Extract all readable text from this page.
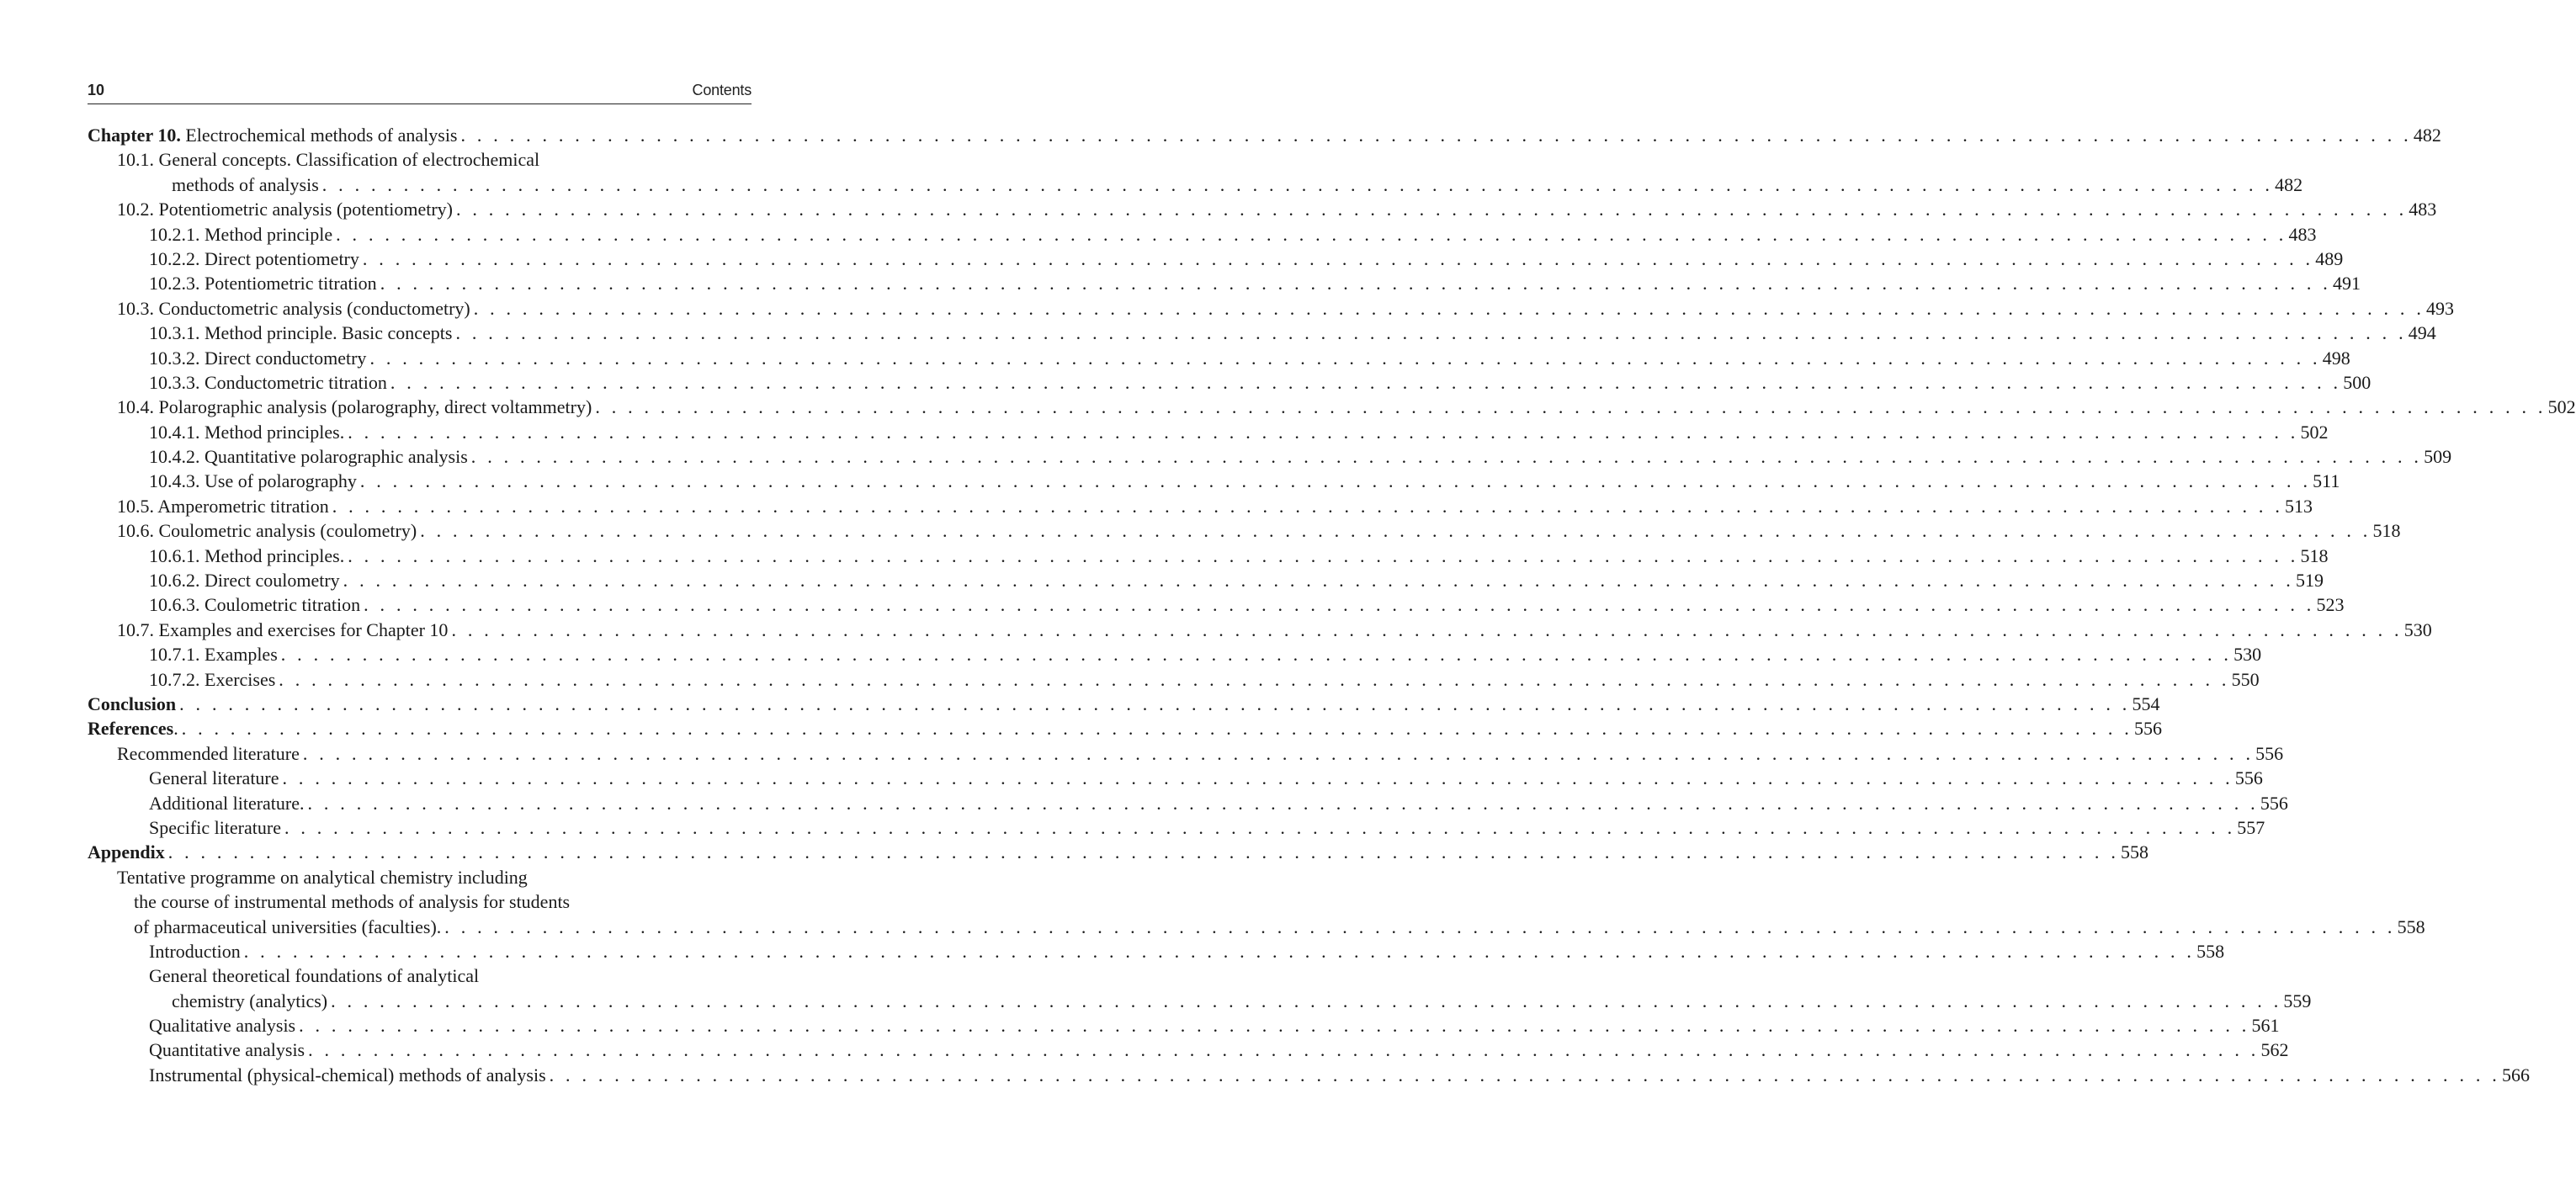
10	Contents
Chapter 10. Electrochemical methods of analysis . . . . . . . . . . . . . . . . . . . . . . . . . . . . . . . . . . . . . . . . . . . . . . . . . . . . . . . . . . . . . . . . . . . . . . . . . . . . . . . . . . . . . . . . . . . . . . . . . . . . . . . . . . . . . . . . . . . . . . . . 482
10.1. General concepts. Classification of electrochemical
methods of analysis . . . . . . . . . . . . . . . . . . . . . . . . . . . . . . . . . . . . . . . . . . . . . . . . . . . . . . . . . . . . . . . . . . . . . . . . . . . . . . . . . . . . . . . . . . . . . . . . . . . . . . . . . . . . . . . . . . . . . . . . 482
10.2. Potentiometric analysis (potentiometry) . . . . . . . . . . . . . . . . . . . . . . . . . . . . . . . . . . . . . . . . . . . . . . . . . . . . . . . . . . . . . . . . . . . . . . . . . . . . . . . . . . . . . . . . . . . . . . . . . . . . . . . . . . . . . . . . . . . . . . . . 483
10.2.1. Method principle . . . . . . . . . . . . . . . . . . . . . . . . . . . . . . . . . . . . . . . . . . . . . . . . . . . . . . . . . . . . . . . . . . . . . . . . . . . . . . . . . . . . . . . . . . . . . . . . . . . . . . . . . . . . . . . . . . . . . . . . 483
10.2.2. Direct potentiometry . . . . . . . . . . . . . . . . . . . . . . . . . . . . . . . . . . . . . . . . . . . . . . . . . . . . . . . . . . . . . . . . . . . . . . . . . . . . . . . . . . . . . . . . . . . . . . . . . . . . . . . . . . . . . . . . . . . . . . . . 489
10.2.3. Potentiometric titration . . . . . . . . . . . . . . . . . . . . . . . . . . . . . . . . . . . . . . . . . . . . . . . . . . . . . . . . . . . . . . . . . . . . . . . . . . . . . . . . . . . . . . . . . . . . . . . . . . . . . . . . . . . . . . . . . . . . . . . . 491
10.3. Conductometric analysis (conductometry) . . . . . . . . . . . . . . . . . . . . . . . . . . . . . . . . . . . . . . . . . . . . . . . . . . . . . . . . . . . . . . . . . . . . . . . . . . . . . . . . . . . . . . . . . . . . . . . . . . . . . . . . . . . . . . . . . . . . . . . . 493
10.3.1. Method principle. Basic concepts . . . . . . . . . . . . . . . . . . . . . . . . . . . . . . . . . . . . . . . . . . . . . . . . . . . . . . . . . . . . . . . . . . . . . . . . . . . . . . . . . . . . . . . . . . . . . . . . . . . . . . . . . . . . . . . . . . . . . . . . 494
10.3.2. Direct conductometry . . . . . . . . . . . . . . . . . . . . . . . . . . . . . . . . . . . . . . . . . . . . . . . . . . . . . . . . . . . . . . . . . . . . . . . . . . . . . . . . . . . . . . . . . . . . . . . . . . . . . . . . . . . . . . . . . . . . . . . . 498
10.3.3. Conductometric titration . . . . . . . . . . . . . . . . . . . . . . . . . . . . . . . . . . . . . . . . . . . . . . . . . . . . . . . . . . . . . . . . . . . . . . . . . . . . . . . . . . . . . . . . . . . . . . . . . . . . . . . . . . . . . . . . . . . . . . . . 500
10.4. Polarographic analysis (polarography, direct voltammetry) . . . . . . . . . . . . . . . . . . . . . . . . . . . . . . . . . . . . . . . . . . . . . . . . . . . . . . . . . . . . . . . . . . . . . . . . . . . . . . . . . . . . . . . . . . . . . . . . . . . . . . . . . . . . . . . . . . . . . . . . 502
10.4.1. Method principles. . . . . . . . . . . . . . . . . . . . . . . . . . . . . . . . . . . . . . . . . . . . . . . . . . . . . . . . . . . . . . . . . . . . . . . . . . . . . . . . . . . . . . . . . . . . . . . . . . . . . . . . . . . . . . . . . . . . . . . . . 502
10.4.2. Quantitative polarographic analysis . . . . . . . . . . . . . . . . . . . . . . . . . . . . . . . . . . . . . . . . . . . . . . . . . . . . . . . . . . . . . . . . . . . . . . . . . . . . . . . . . . . . . . . . . . . . . . . . . . . . . . . . . . . . . . . . . . . . . . . . 509
10.4.3. Use of polarography . . . . . . . . . . . . . . . . . . . . . . . . . . . . . . . . . . . . . . . . . . . . . . . . . . . . . . . . . . . . . . . . . . . . . . . . . . . . . . . . . . . . . . . . . . . . . . . . . . . . . . . . . . . . . . . . . . . . . . . . 511
10.5. Amperometric titration . . . . . . . . . . . . . . . . . . . . . . . . . . . . . . . . . . . . . . . . . . . . . . . . . . . . . . . . . . . . . . . . . . . . . . . . . . . . . . . . . . . . . . . . . . . . . . . . . . . . . . . . . . . . . . . . . . . . . . . . 513
10.6. Coulometric analysis (coulometry) . . . . . . . . . . . . . . . . . . . . . . . . . . . . . . . . . . . . . . . . . . . . . . . . . . . . . . . . . . . . . . . . . . . . . . . . . . . . . . . . . . . . . . . . . . . . . . . . . . . . . . . . . . . . . . . . . . . . . . . . 518
10.6.1. Method principles. . . . . . . . . . . . . . . . . . . . . . . . . . . . . . . . . . . . . . . . . . . . . . . . . . . . . . . . . . . . . . . . . . . . . . . . . . . . . . . . . . . . . . . . . . . . . . . . . . . . . . . . . . . . . . . . . . . . . . . . . 518
10.6.2. Direct coulometry . . . . . . . . . . . . . . . . . . . . . . . . . . . . . . . . . . . . . . . . . . . . . . . . . . . . . . . . . . . . . . . . . . . . . . . . . . . . . . . . . . . . . . . . . . . . . . . . . . . . . . . . . . . . . . . . . . . . . . . . 519
10.6.3. Coulometric titration . . . . . . . . . . . . . . . . . . . . . . . . . . . . . . . . . . . . . . . . . . . . . . . . . . . . . . . . . . . . . . . . . . . . . . . . . . . . . . . . . . . . . . . . . . . . . . . . . . . . . . . . . . . . . . . . . . . . . . . . 523
10.7. Examples and exercises for Chapter 10 . . . . . . . . . . . . . . . . . . . . . . . . . . . . . . . . . . . . . . . . . . . . . . . . . . . . . . . . . . . . . . . . . . . . . . . . . . . . . . . . . . . . . . . . . . . . . . . . . . . . . . . . . . . . . . . . . . . . . . . . 530
10.7.1. Examples . . . . . . . . . . . . . . . . . . . . . . . . . . . . . . . . . . . . . . . . . . . . . . . . . . . . . . . . . . . . . . . . . . . . . . . . . . . . . . . . . . . . . . . . . . . . . . . . . . . . . . . . . . . . . . . . . . . . . . . . 530
10.7.2. Exercises . . . . . . . . . . . . . . . . . . . . . . . . . . . . . . . . . . . . . . . . . . . . . . . . . . . . . . . . . . . . . . . . . . . . . . . . . . . . . . . . . . . . . . . . . . . . . . . . . . . . . . . . . . . . . . . . . . . . . . . . 550
Conclusion . . . . . . . . . . . . . . . . . . . . . . . . . . . . . . . . . . . . . . . . . . . . . . . . . . . . . . . . . . . . . . . . . . . . . . . . . . . . . . . . . . . . . . . . . . . . . . . . . . . . . . . . . . . . . . . . . . . . . . . . 554
References. . . . . . . . . . . . . . . . . . . . . . . . . . . . . . . . . . . . . . . . . . . . . . . . . . . . . . . . . . . . . . . . . . . . . . . . . . . . . . . . . . . . . . . . . . . . . . . . . . . . . . . . . . . . . . . . . . . . . . . . . 556
Recommended literature . . . . . . . . . . . . . . . . . . . . . . . . . . . . . . . . . . . . . . . . . . . . . . . . . . . . . . . . . . . . . . . . . . . . . . . . . . . . . . . . . . . . . . . . . . . . . . . . . . . . . . . . . . . . . . . . . . . . . . . . 556
General literature . . . . . . . . . . . . . . . . . . . . . . . . . . . . . . . . . . . . . . . . . . . . . . . . . . . . . . . . . . . . . . . . . . . . . . . . . . . . . . . . . . . . . . . . . . . . . . . . . . . . . . . . . . . . . . . . . . . . . . . . 556
Additional literature. . . . . . . . . . . . . . . . . . . . . . . . . . . . . . . . . . . . . . . . . . . . . . . . . . . . . . . . . . . . . . . . . . . . . . . . . . . . . . . . . . . . . . . . . . . . . . . . . . . . . . . . . . . . . . . . . . . . . . . . . 556
Specific literature . . . . . . . . . . . . . . . . . . . . . . . . . . . . . . . . . . . . . . . . . . . . . . . . . . . . . . . . . . . . . . . . . . . . . . . . . . . . . . . . . . . . . . . . . . . . . . . . . . . . . . . . . . . . . . . . . . . . . . . . 557
Appendix . . . . . . . . . . . . . . . . . . . . . . . . . . . . . . . . . . . . . . . . . . . . . . . . . . . . . . . . . . . . . . . . . . . . . . . . . . . . . . . . . . . . . . . . . . . . . . . . . . . . . . . . . . . . . . . . . . . . . . . . 558
Tentative programme on analytical chemistry including
the course of instrumental methods of analysis for students
of pharmaceutical universities (faculties). . . . . . . . . . . . . . . . . . . . . . . . . . . . . . . . . . . . . . . . . . . . . . . . . . . . . . . . . . . . . . . . . . . . . . . . . . . . . . . . . . . . . . . . . . . . . . . . . . . . . . . . . . . . . . . . . . . . . . . . . 558
Introduction . . . . . . . . . . . . . . . . . . . . . . . . . . . . . . . . . . . . . . . . . . . . . . . . . . . . . . . . . . . . . . . . . . . . . . . . . . . . . . . . . . . . . . . . . . . . . . . . . . . . . . . . . . . . . . . . . . . . . . . . 558
General theoretical foundations of analytical
chemistry (analytics) . . . . . . . . . . . . . . . . . . . . . . . . . . . . . . . . . . . . . . . . . . . . . . . . . . . . . . . . . . . . . . . . . . . . . . . . . . . . . . . . . . . . . . . . . . . . . . . . . . . . . . . . . . . . . . . . . . . . . . . . 559
Qualitative analysis . . . . . . . . . . . . . . . . . . . . . . . . . . . . . . . . . . . . . . . . . . . . . . . . . . . . . . . . . . . . . . . . . . . . . . . . . . . . . . . . . . . . . . . . . . . . . . . . . . . . . . . . . . . . . . . . . . . . . . . . 561
Quantitative analysis . . . . . . . . . . . . . . . . . . . . . . . . . . . . . . . . . . . . . . . . . . . . . . . . . . . . . . . . . . . . . . . . . . . . . . . . . . . . . . . . . . . . . . . . . . . . . . . . . . . . . . . . . . . . . . . . . . . . . . . . 562
Instrumental (physical-chemical) methods of analysis . . . . . . . . . . . . . . . . . . . . . . . . . . . . . . . . . . . . . . . . . . . . . . . . . . . . . . . . . . . . . . . . . . . . . . . . . . . . . . . . . . . . . . . . . . . . . . . . . . . . . . . . . . . . . . . . . . . . . . . . 566
